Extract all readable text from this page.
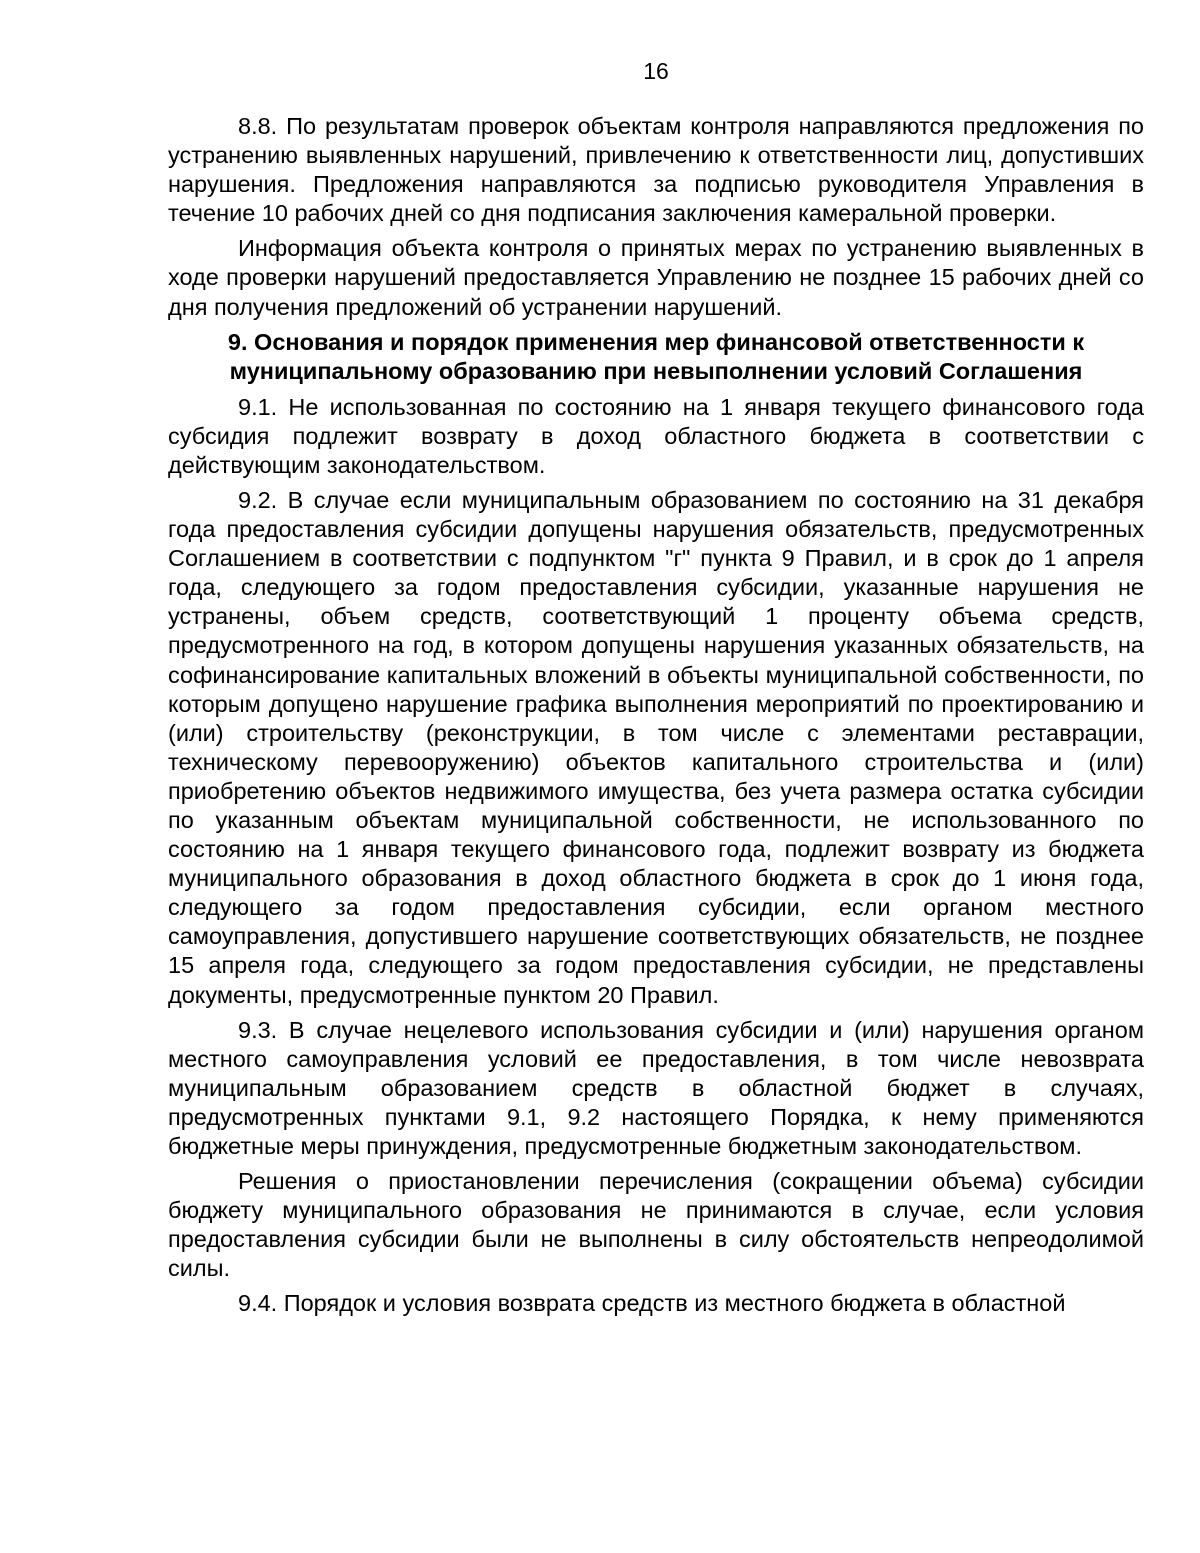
16

8.8. По результатам проверок объектам контроля направляются предложения по устранению выявленных нарушений, привлечению к ответственности лиц, допустивших нарушения. Предложения направляются за подписью руководителя Управления в течение 10 рабочих дней со дня подписания заключения камеральной проверки.

Информация объекта контроля о принятых мерах по устранению выявленных в ходе проверки нарушений предоставляется Управлению не позднее 15 рабочих дней со дня получения предложений об устранении нарушений.

9. Основания и порядок применения мер финансовой ответственности к муниципальному образованию при невыполнении условий Соглашения

9.1. Не использованная по состоянию на 1 января текущего финансового года субсидия подлежит возврату в доход областного бюджета в соответствии с действующим законодательством.

9.2. В случае если муниципальным образованием по состоянию на 31 декабря года предоставления субсидии допущены нарушения обязательств, предусмотренных Соглашением в соответствии с подпунктом "г" пункта 9 Правил, и в срок до 1 апреля года, следующего за годом предоставления субсидии, указанные нарушения не устранены, объем средств, соответствующий 1 проценту объема средств, предусмотренного на год, в котором допущены нарушения указанных обязательств, на софинансирование капитальных вложений в объекты муниципальной собственности, по которым допущено нарушение графика выполнения мероприятий по проектированию и (или) строительству (реконструкции, в том числе с элементами реставрации, техническому перевооружению) объектов капитального строительства и (или) приобретению объектов недвижимого имущества, без учета размера остатка субсидии по указанным объектам муниципальной собственности, не использованного по состоянию на 1 января текущего финансового года, подлежит возврату из бюджета муниципального образования в доход областного бюджета в срок до 1 июня года, следующего за годом предоставления субсидии, если органом местного самоуправления, допустившего нарушение соответствующих обязательств, не позднее 15 апреля года, следующего за годом предоставления субсидии, не представлены документы, предусмотренные пунктом 20 Правил.

9.3. В случае нецелевого использования субсидии и (или) нарушения органом местного самоуправления условий ее предоставления, в том числе невозврата муниципальным образованием средств в областной бюджет в случаях, предусмотренных пунктами 9.1, 9.2 настоящего Порядка, к нему применяются бюджетные меры принуждения, предусмотренные бюджетным законодательством.

Решения о приостановлении перечисления (сокращении объема) субсидии бюджету муниципального образования не принимаются в случае, если условия предоставления субсидии были не выполнены в силу обстоятельств непреодолимой силы.

9.4. Порядок и условия возврата средств из местного бюджета в областной
